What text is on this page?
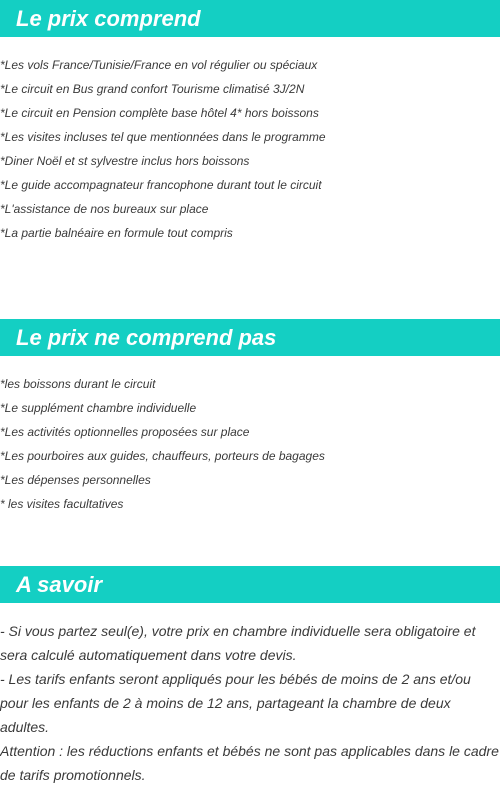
Le prix comprend
*Les vols France/Tunisie/France en vol régulier ou spéciaux
*Le circuit en Bus grand confort Tourisme climatisé 3J/2N
*Le circuit en Pension complète base hôtel 4* hors boissons
*Les visites incluses tel que mentionnées dans le programme
*Diner Noël et st sylvestre inclus hors boissons
*Le guide accompagnateur francophone durant tout le circuit
*L'assistance de nos bureaux sur place
*La partie balnéaire en formule tout compris
Le prix ne comprend pas
*les boissons durant le circuit
*Le supplément chambre individuelle
*Les activités optionnelles proposées sur place
*Les pourboires aux guides, chauffeurs, porteurs de bagages
*Les dépenses personnelles
* les visites facultatives
A savoir

- Si vous partez seul(e), votre prix en chambre individuelle sera obligatoire et sera calculé automatiquement dans votre devis.

- Les tarifs enfants seront appliqués pour les bébés de moins de 2 ans et/ou pour les enfants de 2 à moins de 12 ans, partageant la chambre de deux adultes.

Attention : les réductions enfants et bébés ne sont pas applicables dans le cadre de tarifs promotionnels.
